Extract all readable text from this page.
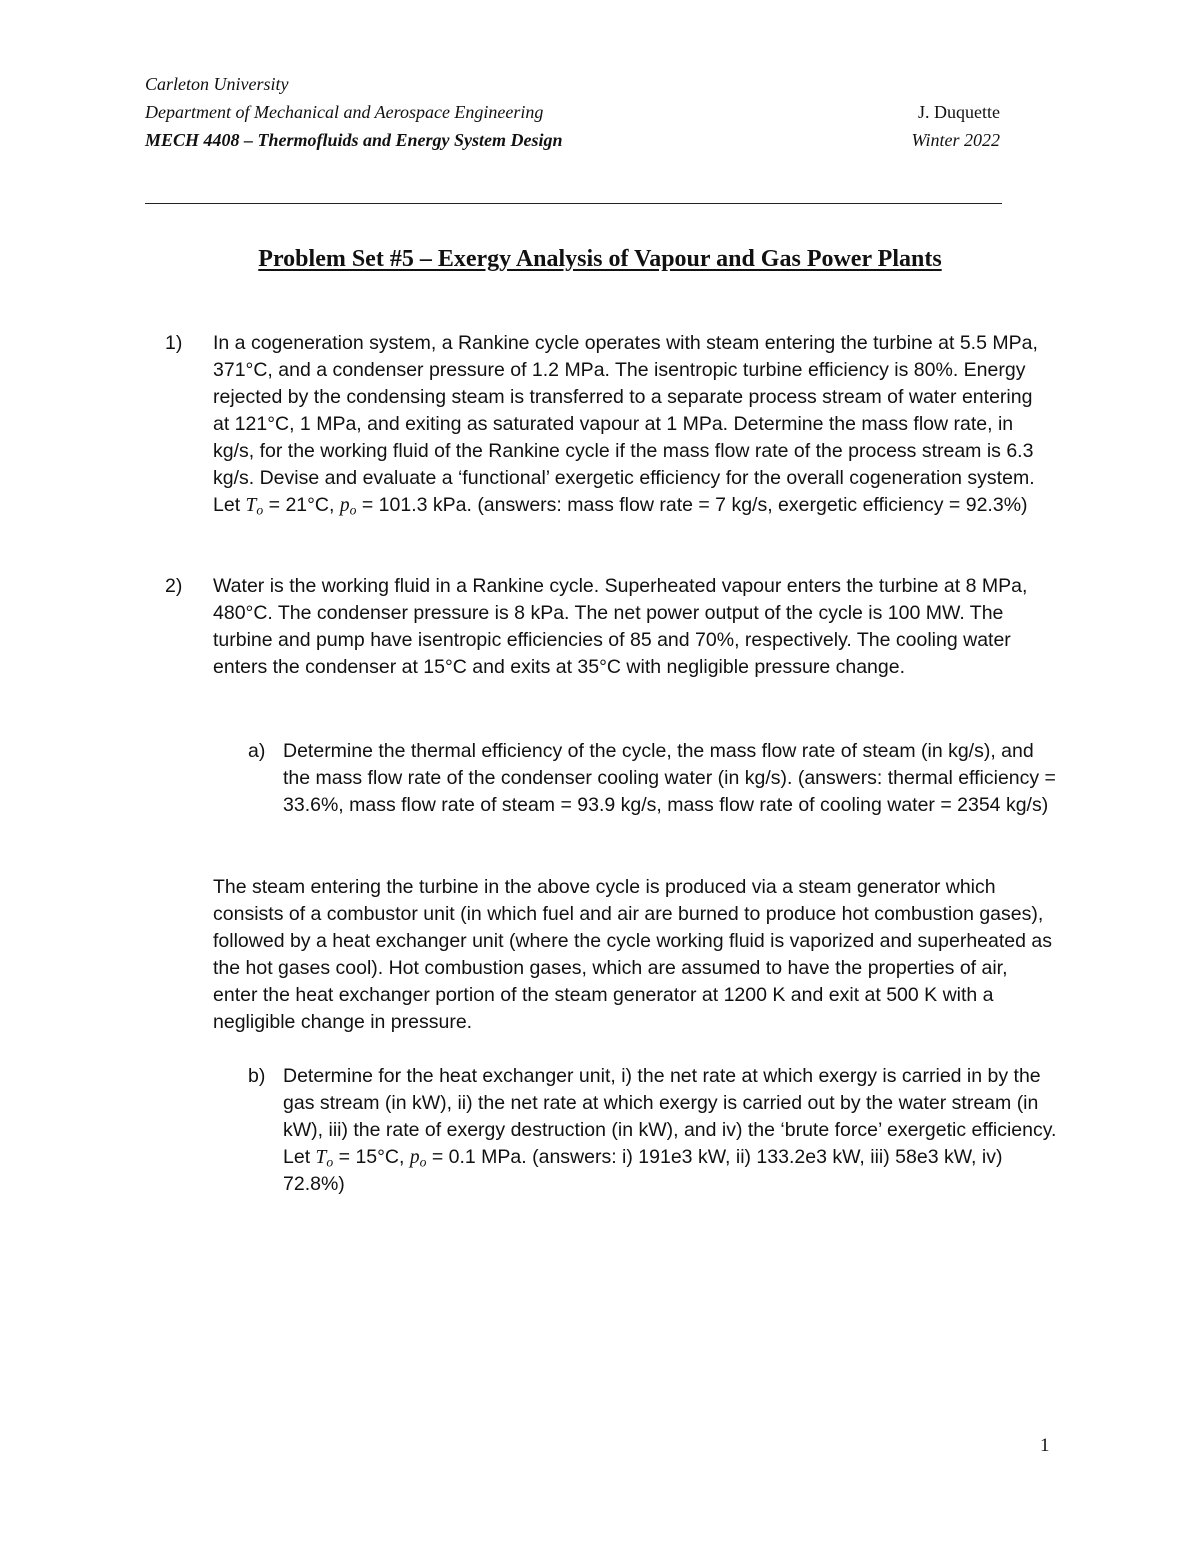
Carleton University
Department of Mechanical and Aerospace Engineering	J. Duquette
MECH 4408 – Thermofluids and Energy System Design	Winter 2022
Problem Set #5 – Exergy Analysis of Vapour and Gas Power Plants
1)	In a cogeneration system, a Rankine cycle operates with steam entering the turbine at 5.5 MPa, 371°C, and a condenser pressure of 1.2 MPa. The isentropic turbine efficiency is 80%. Energy rejected by the condensing steam is transferred to a separate process stream of water entering at 121°C, 1 MPa, and exiting as saturated vapour at 1 MPa. Determine the mass flow rate, in kg/s, for the working fluid of the Rankine cycle if the mass flow rate of the process stream is 6.3 kg/s. Devise and evaluate a ‘functional’ exergetic efficiency for the overall cogeneration system. Let $T_o = 21^\circ C$, $p_o = 101.3$ kPa. (answers: mass flow rate = 7 kg/s, exergetic efficiency = 92.3%)
2)	Water is the working fluid in a Rankine cycle. Superheated vapour enters the turbine at 8 MPa, 480°C. The condenser pressure is 8 kPa. The net power output of the cycle is 100 MW. The turbine and pump have isentropic efficiencies of 85 and 70%, respectively. The cooling water enters the condenser at 15°C and exits at 35°C with negligible pressure change.
a) Determine the thermal efficiency of the cycle, the mass flow rate of steam (in kg/s), and the mass flow rate of the condenser cooling water (in kg/s). (answers: thermal efficiency = 33.6%, mass flow rate of steam = 93.9 kg/s, mass flow rate of cooling water = 2354 kg/s)
The steam entering the turbine in the above cycle is produced via a steam generator which consists of a combustor unit (in which fuel and air are burned to produce hot combustion gases), followed by a heat exchanger unit (where the cycle working fluid is vaporized and superheated as the hot gases cool). Hot combustion gases, which are assumed to have the properties of air, enter the heat exchanger portion of the steam generator at 1200 K and exit at 500 K with a negligible change in pressure.
b) Determine for the heat exchanger unit, i) the net rate at which exergy is carried in by the gas stream (in kW), ii) the net rate at which exergy is carried out by the water stream (in kW), iii) the rate of exergy destruction (in kW), and iv) the ‘brute force’ exergetic efficiency. Let $T_o = 15^\circ C$, $p_o = 0.1$ MPa. (answers: i) 191e3 kW, ii) 133.2e3 kW, iii) 58e3 kW, iv) 72.8%)
1
